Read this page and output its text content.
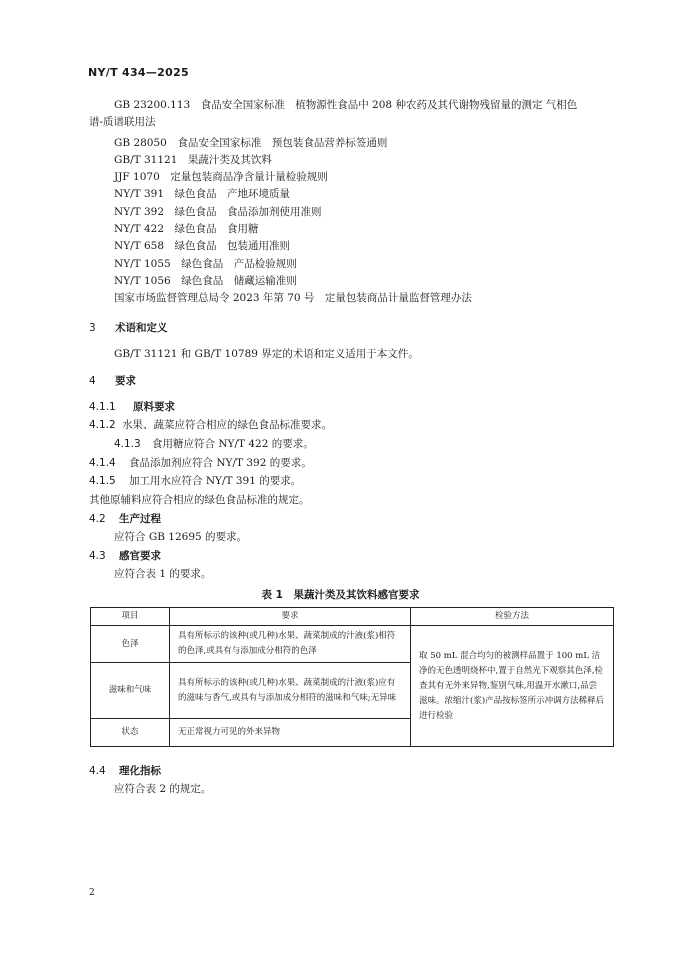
NY/T 434—2025
GB 23200.113　食品安全国家标准　植物源性食品中 208 种农药及其代谢物残留量的测定 气相色谱-质谱联用法
GB 28050　食品安全国家标准　预包装食品营养标签通则
GB/T 31121　果蔬汁类及其饮料
JJF 1070　定量包装商品净含量计量检验规则
NY/T 391　绿色食品　产地环境质量
NY/T 392　绿色食品　食品添加剂使用准则
NY/T 422　绿色食品　食用糖
NY/T 658　绿色食品　包装通用准则
NY/T 1055　绿色食品　产品检验规则
NY/T 1056　绿色食品　储藏运输准则
国家市场监督管理总局令 2023 年第 70 号　定量包装商品计量监督管理办法
3 术语和定义
GB/T 31121 和 GB/T 10789 界定的术语和定义适用于本文件。
4 要求
4.1.1 原料要求
4.1.2 水果、蔬菜应符合相应的绿色食品标准要求。
4.1.3 食用糖应符合 NY/T 422 的要求。
4.1.4 食品添加剂应符合 NY/T 392 的要求。
4.1.5 加工用水应符合 NY/T 391 的要求。
其他原辅料应符合相应的绿色食品标准的规定。
4.2 生产过程
应符合 GB 12695 的要求。
4.3 感官要求
应符合表 1 的要求。
表 1　果蔬汁类及其饮料感官要求
项目	要求	检验方法
色泽	具有所标示的该种(或几种)水果、蔬菜制成的汁液(浆)相符的色泽,或具有与添加成分相符的色泽	取 50 mL 混合均匀的被测样品置于 100 mL 洁净的无色透明烧杯中,置于自然光下观察其色泽,检查其有无外来异物,鉴别气味,用温开水漱口,品尝滋味。浓缩汁(浆)产品按标签所示冲调方法稀释后进行检验
滋味和气味	具有所标示的该种(或几种)水果、蔬菜制成的汁液(浆)应有的滋味与香气,或具有与添加成分相符的滋味和气味;无异味	
状态	无正常视力可见的外来异物	
4.4 理化指标
应符合表 2 的规定。
2
